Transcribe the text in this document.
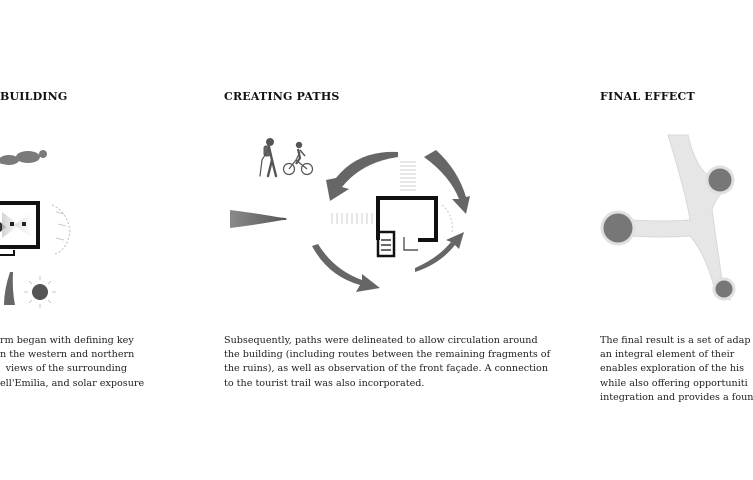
BUILDING	CREATING PATHS	FINAL EFFECT
rm began with defining key
n the western and northern
views of the surrounding
ell'Emilia, and solar exposure
Subsequently, paths were delineated to allow circulation around
the building (including routes between the remaining fragments of
the ruins), as well as observation of the front façade. A connection
to the tourist trail was also incorporated.
The final result is a set of adap
an integral element of their
enables exploration of the his
while also offering opportuniti
integration and provides a foun
